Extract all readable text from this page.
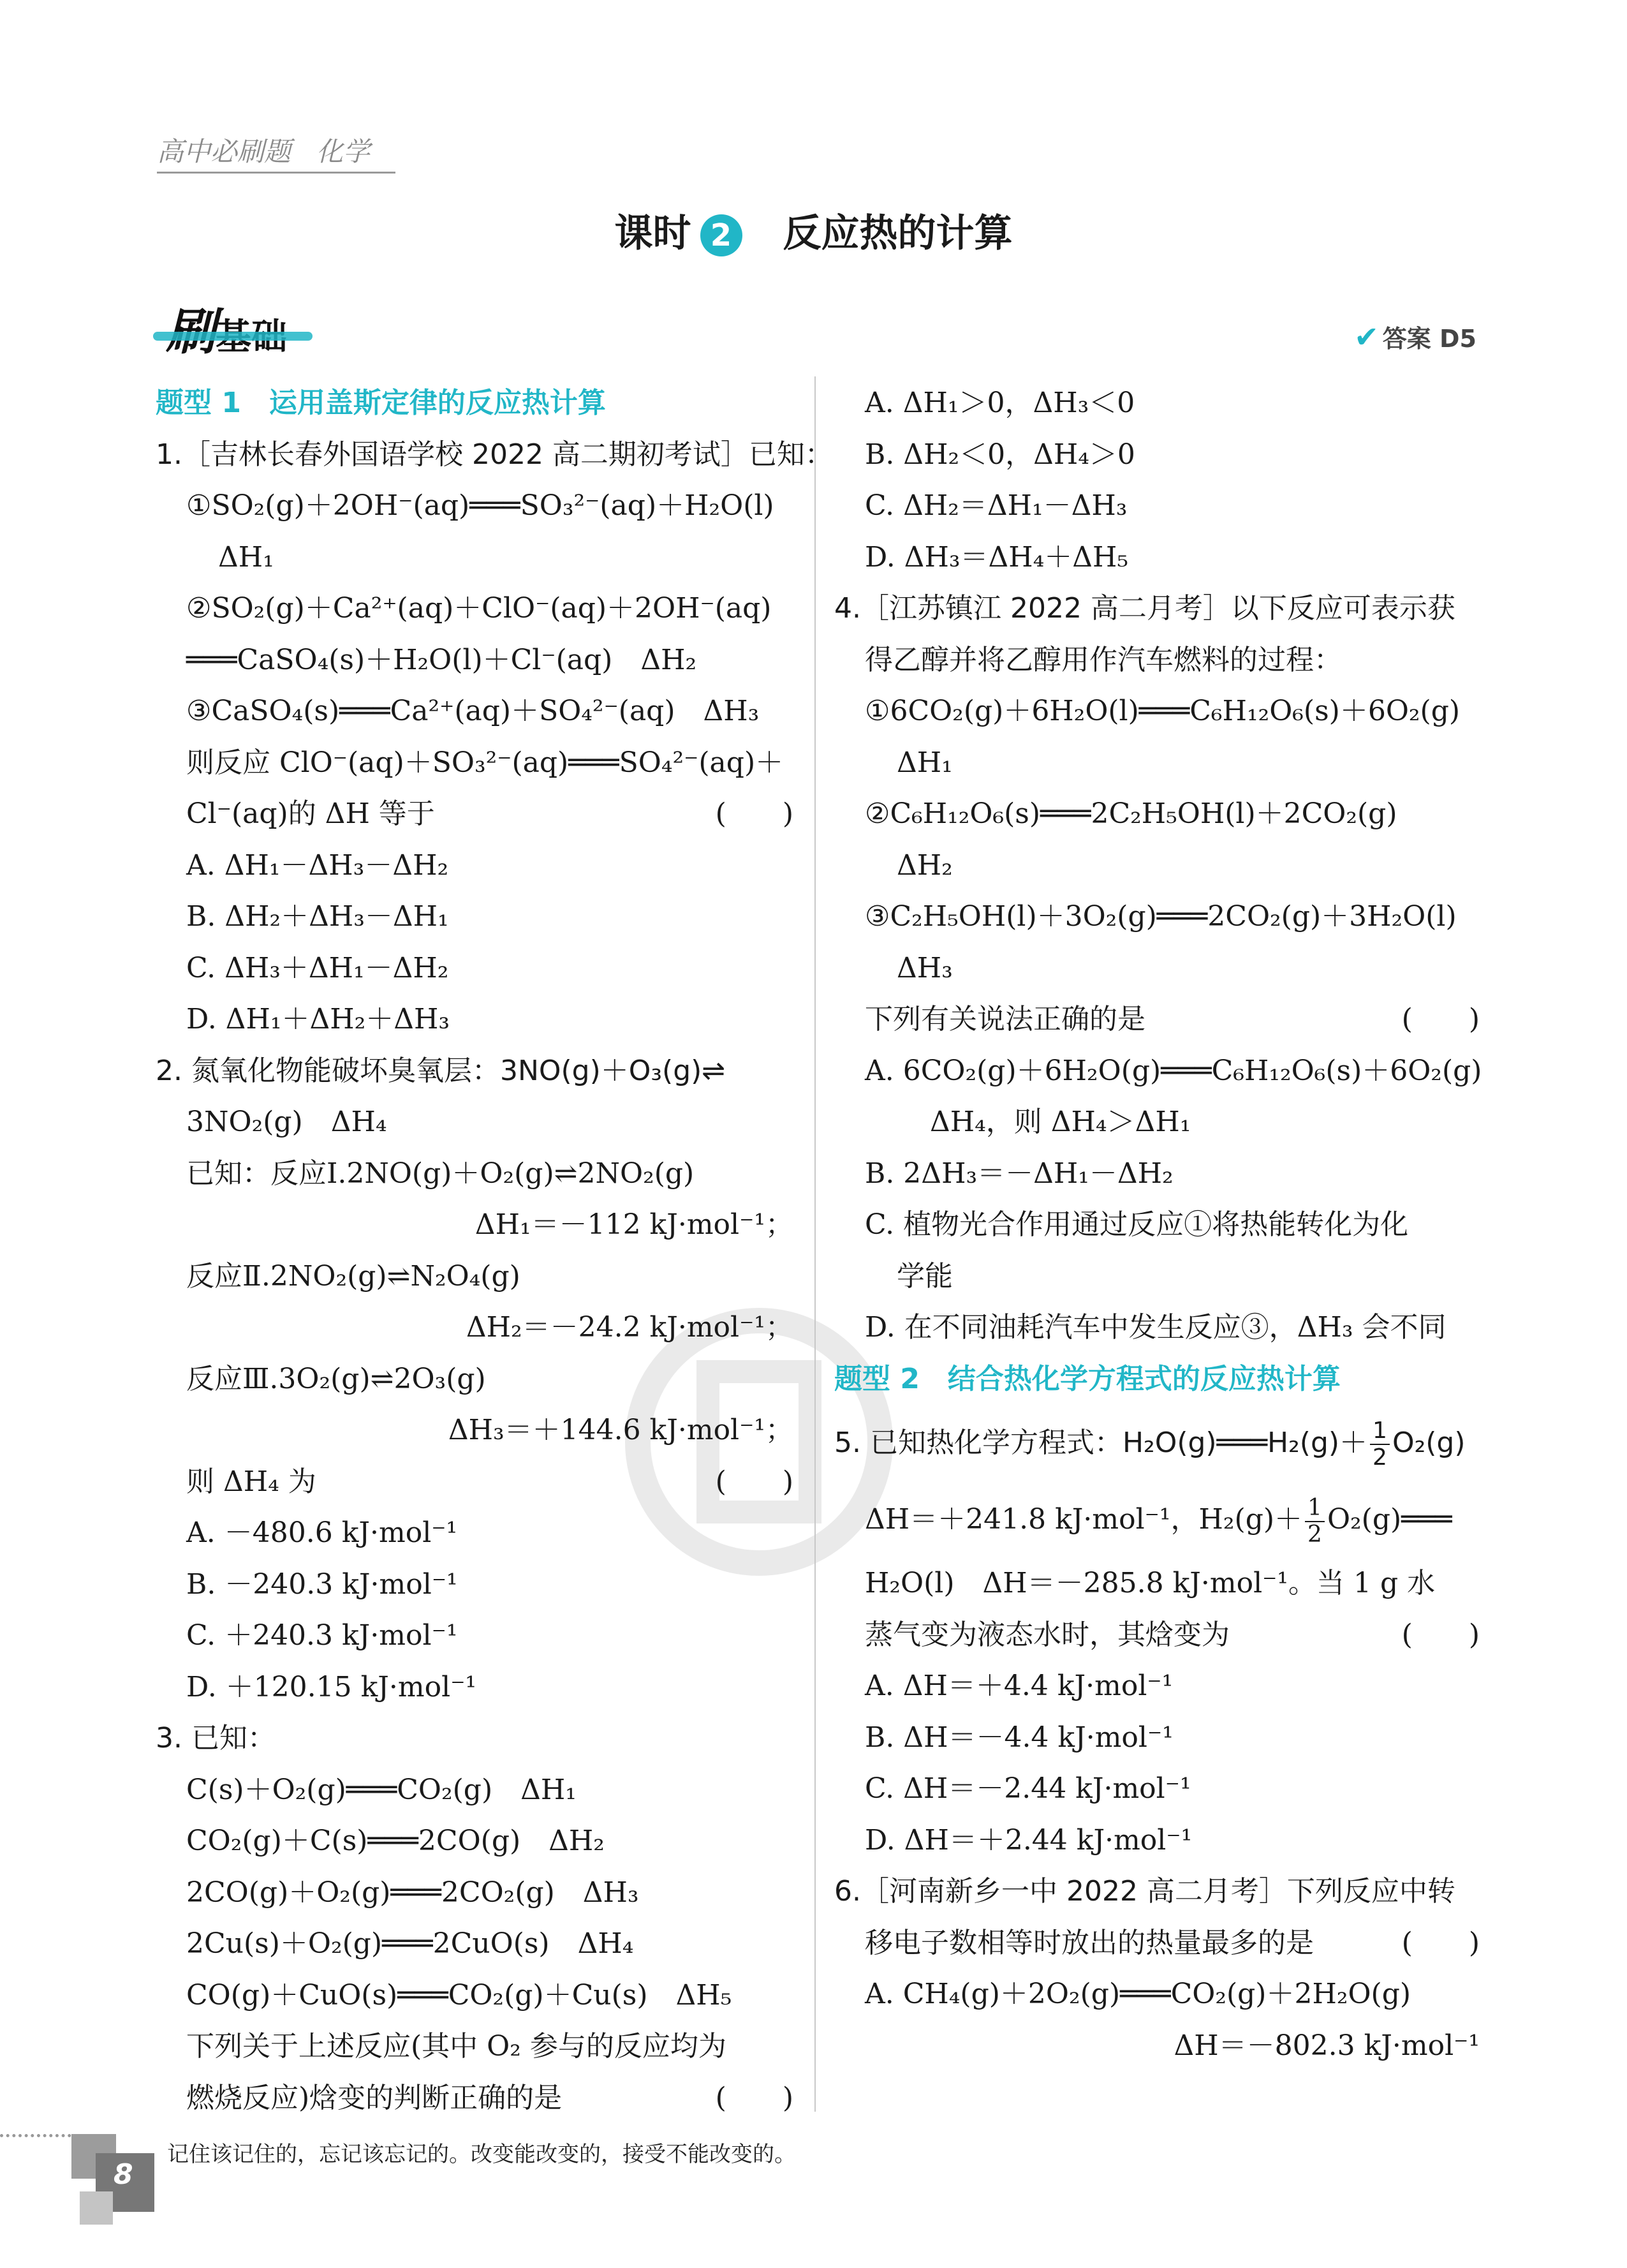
高中必刷题 化学
课时 2 反应热的计算
✔ 答案 D5
题型 1　运用盖斯定律的反应热计算
1.［吉林长春外国语学校 2022 高二期初考试］已知：
①SO₂(g)＋2OH⁻(aq)═══SO₃²⁻(aq)＋H₂O(l)
ΔH₁
②SO₂(g)＋Ca²⁺(aq)＋ClO⁻(aq)＋2OH⁻(aq)
═══CaSO₄(s)＋H₂O(l)＋Cl⁻(aq)　ΔH₂
③CaSO₄(s)═══Ca²⁺(aq)＋SO₄²⁻(aq)　ΔH₃
则反应 ClO⁻(aq)＋SO₃²⁻(aq)═══SO₄²⁻(aq)＋
Cl⁻(aq)的 ΔH 等于	(　　)
A. ΔH₁－ΔH₃－ΔH₂
B. ΔH₂＋ΔH₃－ΔH₁
C. ΔH₃＋ΔH₁－ΔH₂
D. ΔH₁＋ΔH₂＋ΔH₃
2. 氮氧化物能破坏臭氧层：3NO(g)＋O₃(g)⇌
3NO₂(g)　ΔH₄
已知：反应Ⅰ.2NO(g)＋O₂(g)⇌2NO₂(g)
ΔH₁＝－112 kJ·mol⁻¹；
反应Ⅱ.2NO₂(g)⇌N₂O₄(g)
ΔH₂＝－24.2 kJ·mol⁻¹；
反应Ⅲ.3O₂(g)⇌2O₃(g)
ΔH₃＝＋144.6 kJ·mol⁻¹；
则 ΔH₄ 为	(　　)
A. －480.6 kJ·mol⁻¹
B. －240.3 kJ·mol⁻¹
C. ＋240.3 kJ·mol⁻¹
D. ＋120.15 kJ·mol⁻¹
3. 已知：
C(s)＋O₂(g)═══CO₂(g)　ΔH₁
CO₂(g)＋C(s)═══2CO(g)　ΔH₂
2CO(g)＋O₂(g)═══2CO₂(g)　ΔH₃
2Cu(s)＋O₂(g)═══2CuO(s)　ΔH₄
CO(g)＋CuO(s)═══CO₂(g)＋Cu(s)　ΔH₅
下列关于上述反应(其中 O₂ 参与的反应均为
燃烧反应)焓变的判断正确的是	(　　)
A. ΔH₁＞0，ΔH₃＜0
B. ΔH₂＜0，ΔH₄＞0
C. ΔH₂＝ΔH₁－ΔH₃
D. ΔH₃＝ΔH₄＋ΔH₅
4.［江苏镇江 2022 高二月考］以下反应可表示获
得乙醇并将乙醇用作汽车燃料的过程：
①6CO₂(g)＋6H₂O(l)═══C₆H₁₂O₆(s)＋6O₂(g)
ΔH₁
②C₆H₁₂O₆(s)═══2C₂H₅OH(l)＋2CO₂(g)
ΔH₂
③C₂H₅OH(l)＋3O₂(g)═══2CO₂(g)＋3H₂O(l)
ΔH₃
下列有关说法正确的是	(　　)
A. 6CO₂(g)＋6H₂O(g)═══C₆H₁₂O₆(s)＋6O₂(g)
ΔH₄，则 ΔH₄＞ΔH₁
B. 2ΔH₃＝－ΔH₁－ΔH₂
C. 植物光合作用通过反应①将热能转化为化
学能
D. 在不同油耗汽车中发生反应③，ΔH₃ 会不同
题型 2　结合热化学方程式的反应热计算
5. 已知热化学方程式：H₂O(g)═══H₂(g)＋ $\frac{1}{2} O_2(g)$
ΔH＝＋241.8 kJ·mol⁻¹，$H_2(g)+ \frac{1}{2}$ O₂(g)═══
H₂O(l)　ΔH＝－285.8 kJ·mol⁻¹。当 1 g 水
蒸气变为液态水时，其焓变为	(　　)
A. ΔH＝＋4.4 kJ·mol⁻¹
B. ΔH＝－4.4 kJ·mol⁻¹
C. ΔH＝－2.44 kJ·mol⁻¹
D. ΔH＝＋2.44 kJ·mol⁻¹
6.［河南新乡一中 2022 高二月考］下列反应中转
移电子数相等时放出的热量最多的是	(　　)
A. CH₄(g)＋2O₂(g)═══CO₂(g)＋2H₂O(g)
ΔH＝－802.3 kJ·mol⁻¹
8
记住该记住的，忘记该忘记的。改变能改变的，接受不能改变的。
